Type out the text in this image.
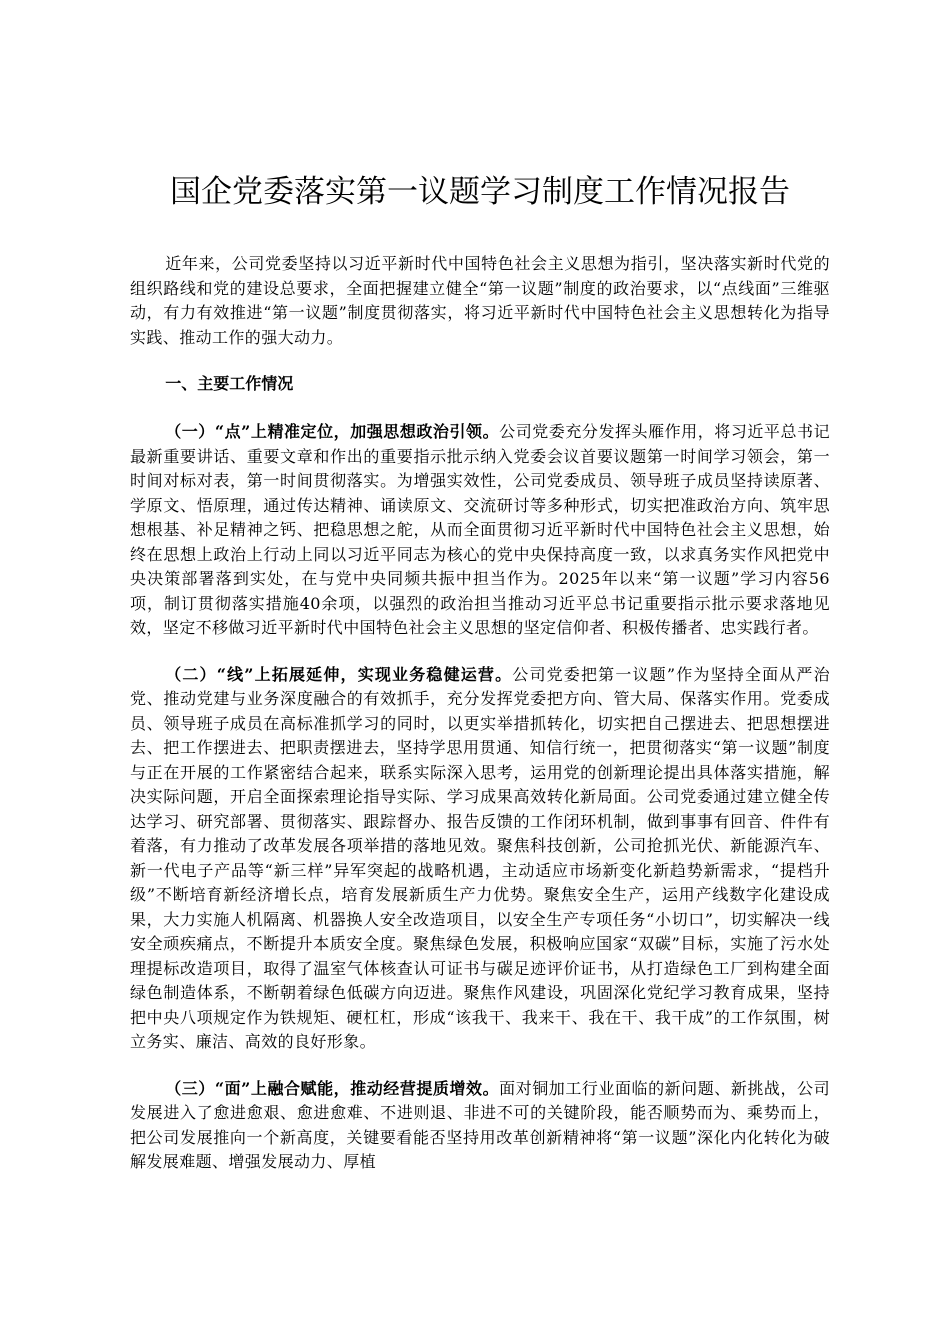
国企党委落实第一议题学习制度工作情况报告

近年来，公司党委坚持以习近平新时代中国特色社会主义思想为指引，坚决落实新时代党的组织路线和党的建设总要求，全面把握建立健全“第一议题”制度的政治要求，以“点线面”三维驱动，有力有效推进“第一议题”制度贯彻落实，将习近平新时代中国特色社会主义思想转化为指导实践、推动工作的强大动力。

一、主要工作情况

（一）“点”上精准定位，加强思想政治引领。公司党委充分发挥头雁作用，将习近平总书记最新重要讲话、重要文章和作出的重要指示批示纳入党委会议首要议题第一时间学习领会，第一时间对标对表，第一时间贯彻落实。为增强实效性，公司党委成员、领导班子成员坚持读原著、学原文、悟原理，通过传达精神、诵读原文、交流研讨等多种形式，切实把准政治方向、筑牢思想根基、补足精神之钙、把稳思想之舵，从而全面贯彻习近平新时代中国特色社会主义思想，始终在思想上政治上行动上同以习近平同志为核心的党中央保持高度一致，以求真务实作风把党中央决策部署落到实处，在与党中央同频共振中担当作为。2025年以来“第一议题”学习内容56项，制订贯彻落实措施40余项，以强烈的政治担当推动习近平总书记重要指示批示要求落地见效，坚定不移做习近平新时代中国特色社会主义思想的坚定信仰者、积极传播者、忠实践行者。

（二）“线”上拓展延伸，实现业务稳健运营。公司党委把第一议题”作为坚持全面从严治党、推动党建与业务深度融合的有效抓手，充分发挥党委把方向、管大局、保落实作用。党委成员、领导班子成员在高标准抓学习的同时，以更实举措抓转化，切实把自己摆进去、把思想摆进去、把工作摆进去、把职责摆进去，坚持学思用贯通、知信行统一，把贯彻落实“第一议题”制度与正在开展的工作紧密结合起来，联系实际深入思考，运用党的创新理论提出具体落实措施，解决实际问题，开启全面探索理论指导实际、学习成果高效转化新局面。公司党委通过建立健全传达学习、研究部署、贯彻落实、跟踪督办、报告反馈的工作闭环机制，做到事事有回音、件件有着落，有力推动了改革发展各项举措的落地见效。聚焦科技创新，公司抢抓光伏、新能源汽车、新一代电子产品等“新三样”异军突起的战略机遇，主动适应市场新变化新趋势新需求，“提档升级”不断培育新经济增长点，培育发展新质生产力优势。聚焦安全生产，运用产线数字化建设成果，大力实施人机隔离、机器换人安全改造项目，以安全生产专项任务“小切口”，切实解决一线安全顽疾痛点，不断提升本质安全度。聚焦绿色发展，积极响应国家“双碳”目标，实施了污水处理提标改造项目，取得了温室气体核查认可证书与碳足迹评价证书，从打造绿色工厂到构建全面绿色制造体系，不断朝着绿色低碳方向迈进。聚焦作风建设，巩固深化党纪学习教育成果，坚持把中央八项规定作为铁规矩、硬杠杠，形成“该我干、我来干、我在干、我干成”的工作氛围，树立务实、廉洁、高效的良好形象。

（三）“面”上融合赋能，推动经营提质增效。面对铜加工行业面临的新问题、新挑战，公司发展进入了愈进愈艰、愈进愈难、不进则退、非进不可的关键阶段，能否顺势而为、乘势而上，把公司发展推向一个新高度，关键要看能否坚持用改革创新精神将“第一议题”深化内化转化为破解发展难题、增强发展动力、厚植
